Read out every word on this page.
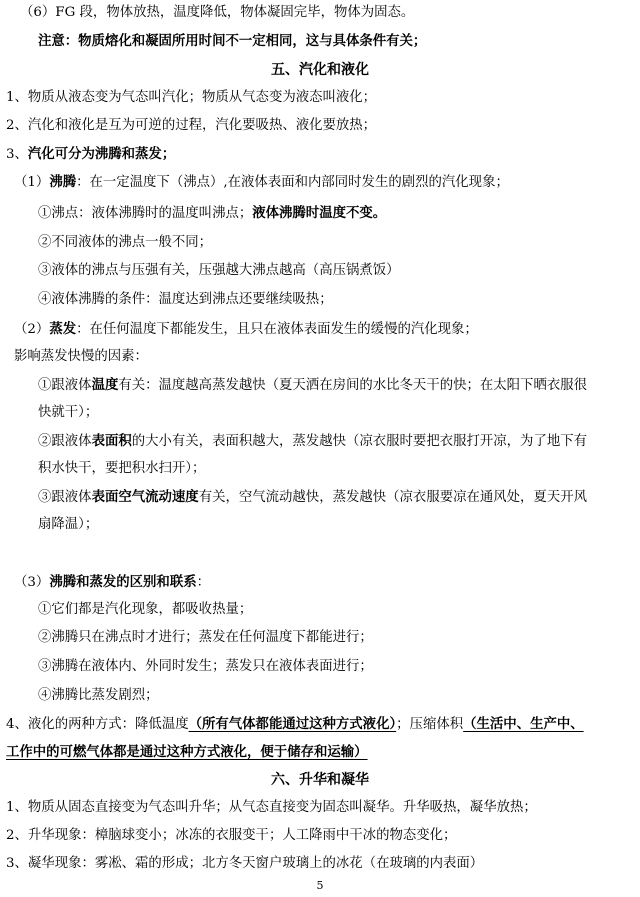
（6）FG 段，物体放热，温度降低，物体凝固完毕，物体为固态。
注意：物质熔化和凝固所用时间不一定相同，这与具体条件有关；
五、汽化和液化
1、物质从液态变为气态叫汽化；物质从气态变为液态叫液化；
2、汽化和液化是互为可逆的过程，汽化要吸热、液化要放热；
3、汽化可分为沸腾和蒸发；
（1）沸腾：在一定温度下（沸点）,在液体表面和内部同时发生的剧烈的汽化现象；
①沸点：液体沸腾时的温度叫沸点；液体沸腾时温度不变。
②不同液体的沸点一般不同；
③液体的沸点与压强有关，压强越大沸点越高（高压锅煮饭）
④液体沸腾的条件：温度达到沸点还要继续吸热；
（2）蒸发：在任何温度下都能发生，且只在液体表面发生的缓慢的汽化现象；
影响蒸发快慢的因素：
①跟液体温度有关：温度越高蒸发越快（夏天洒在房间的水比冬天干的快；在太阳下晒衣服很
快就干）；
②跟液体表面积的大小有关，表面积越大，蒸发越快（凉衣服时要把衣服打开凉，为了地下有
积水快干，要把积水扫开）；
③跟液体表面空气流动速度有关，空气流动越快，蒸发越快（凉衣服要凉在通风处，夏天开风
扇降温）；
（3）沸腾和蒸发的区别和联系：
①它们都是汽化现象，都吸收热量；
②沸腾只在沸点时才进行；蒸发在任何温度下都能进行；
③沸腾在液体内、外同时发生；蒸发只在液体表面进行；
④沸腾比蒸发剧烈；
4、液化的两种方式：降低温度（所有气体都能通过这种方式液化）；压缩体积（生活中、生产中、
工作中的可燃气体都是通过这种方式液化，便于储存和运输）
六、升华和凝华
1、物质从固态直接变为气态叫升华；从气态直接变为固态叫凝华。升华吸热，凝华放热；
2、升华现象：樟脑球变小；冰冻的衣服变干；人工降雨中干冰的物态变化；
3、凝华现象：雾凇、霜的形成；北方冬天窗户玻璃上的冰花（在玻璃的内表面）
5
